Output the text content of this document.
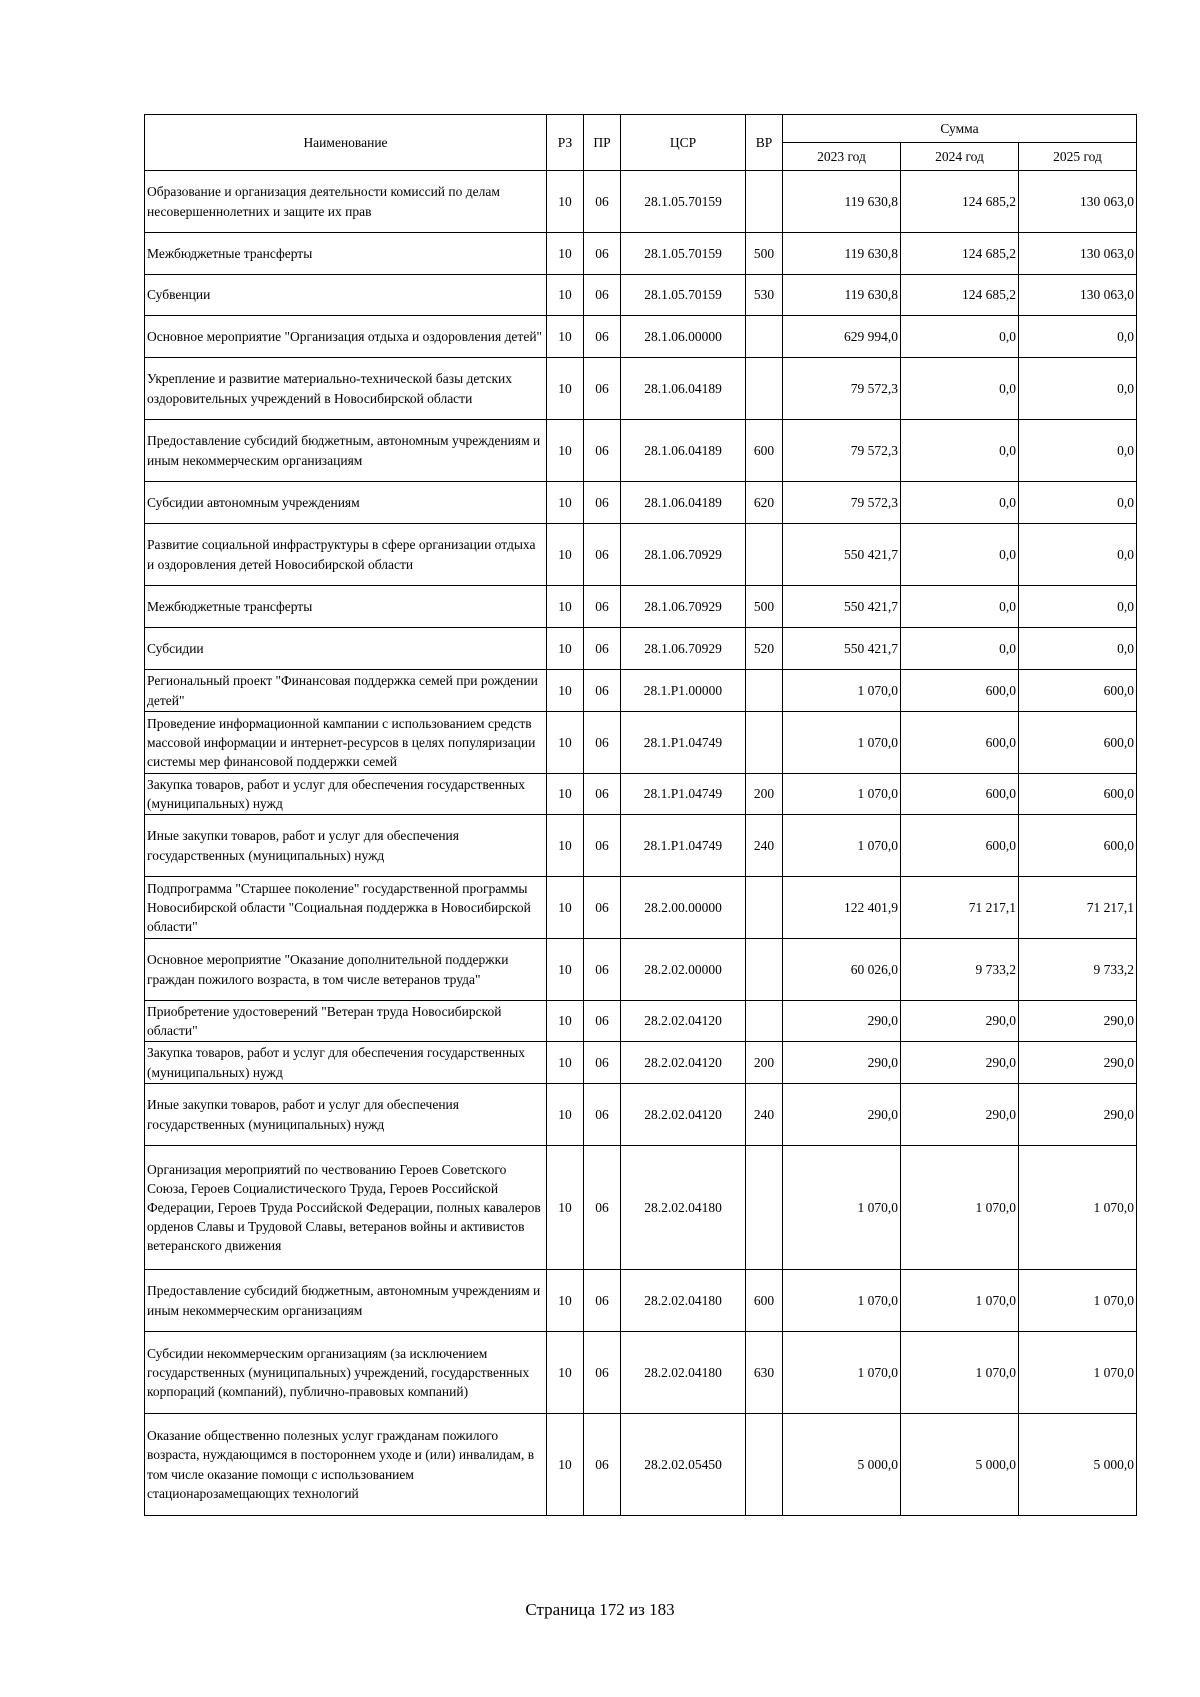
Наименование	РЗ	ПР	ЦСР	ВР	Сумма		
					2023 год	2024 год	2025 год
Образование и организация деятельности комиссий по делам несовершеннолетних и защите их прав	10	06	28.1.05.70159		119 630,8	124 685,2	130 063,0
Межбюджетные трансферты	10	06	28.1.05.70159	500	119 630,8	124 685,2	130 063,0
Субвенции	10	06	28.1.05.70159	530	119 630,8	124 685,2	130 063,0
Основное мероприятие "Организация отдыха и оздоровления детей"	10	06	28.1.06.00000		629 994,0	0,0	0,0
Укрепление и развитие материально-технической базы детских оздоровительных учреждений в Новосибирской области	10	06	28.1.06.04189		79 572,3	0,0	0,0
Предоставление субсидий бюджетным, автономным учреждениям и иным некоммерческим организациям	10	06	28.1.06.04189	600	79 572,3	0,0	0,0
Субсидии автономным учреждениям	10	06	28.1.06.04189	620	79 572,3	0,0	0,0
Развитие социальной инфраструктуры в сфере организации отдыха и оздоровления детей Новосибирской области	10	06	28.1.06.70929		550 421,7	0,0	0,0
Межбюджетные трансферты	10	06	28.1.06.70929	500	550 421,7	0,0	0,0
Субсидии	10	06	28.1.06.70929	520	550 421,7	0,0	0,0
Региональный проект "Финансовая поддержка семей при рождении детей"	10	06	28.1.Р1.00000		1 070,0	600,0	600,0
Проведение информационной кампании с использованием средств массовой информации и интернет-ресурсов в целях популяризации системы мер финансовой поддержки семей	10	06	28.1.Р1.04749		1 070,0	600,0	600,0
Закупка товаров, работ и услуг для обеспечения государственных (муниципальных) нужд	10	06	28.1.Р1.04749	200	1 070,0	600,0	600,0
Иные закупки товаров, работ и услуг для обеспечения государственных (муниципальных) нужд	10	06	28.1.Р1.04749	240	1 070,0	600,0	600,0
Подпрограмма "Старшее поколение" государственной программы Новосибирской области "Социальная поддержка в Новосибирской области"	10	06	28.2.00.00000		122 401,9	71 217,1	71 217,1
Основное мероприятие "Оказание дополнительной поддержки граждан пожилого возраста, в том числе ветеранов труда"	10	06	28.2.02.00000		60 026,0	9 733,2	9 733,2
Приобретение удостоверений "Ветеран труда Новосибирской области"	10	06	28.2.02.04120		290,0	290,0	290,0
Закупка товаров, работ и услуг для обеспечения государственных (муниципальных) нужд	10	06	28.2.02.04120	200	290,0	290,0	290,0
Иные закупки товаров, работ и услуг для обеспечения государственных (муниципальных) нужд	10	06	28.2.02.04120	240	290,0	290,0	290,0
Организация мероприятий по чествованию Героев Советского Союза, Героев Социалистического Труда, Героев Российской Федерации, Героев Труда Российской Федерации, полных кавалеров орденов Славы и Трудовой Славы, ветеранов войны и активистов ветеранского движения	10	06	28.2.02.04180		1 070,0	1 070,0	1 070,0
Предоставление субсидий бюджетным, автономным учреждениям и иным некоммерческим организациям	10	06	28.2.02.04180	600	1 070,0	1 070,0	1 070,0
Субсидии некоммерческим организациям (за исключением государственных (муниципальных) учреждений, государственных корпораций (компаний), публично-правовых компаний)	10	06	28.2.02.04180	630	1 070,0	1 070,0	1 070,0
Оказание общественно полезных услуг гражданам пожилого возраста, нуждающимся в постороннем уходе и (или) инвалидам, в том числе оказание помощи с использованием стационарозамещающих технологий	10	06	28.2.02.05450		5 000,0	5 000,0	5 000,0
Страница 172 из 183
